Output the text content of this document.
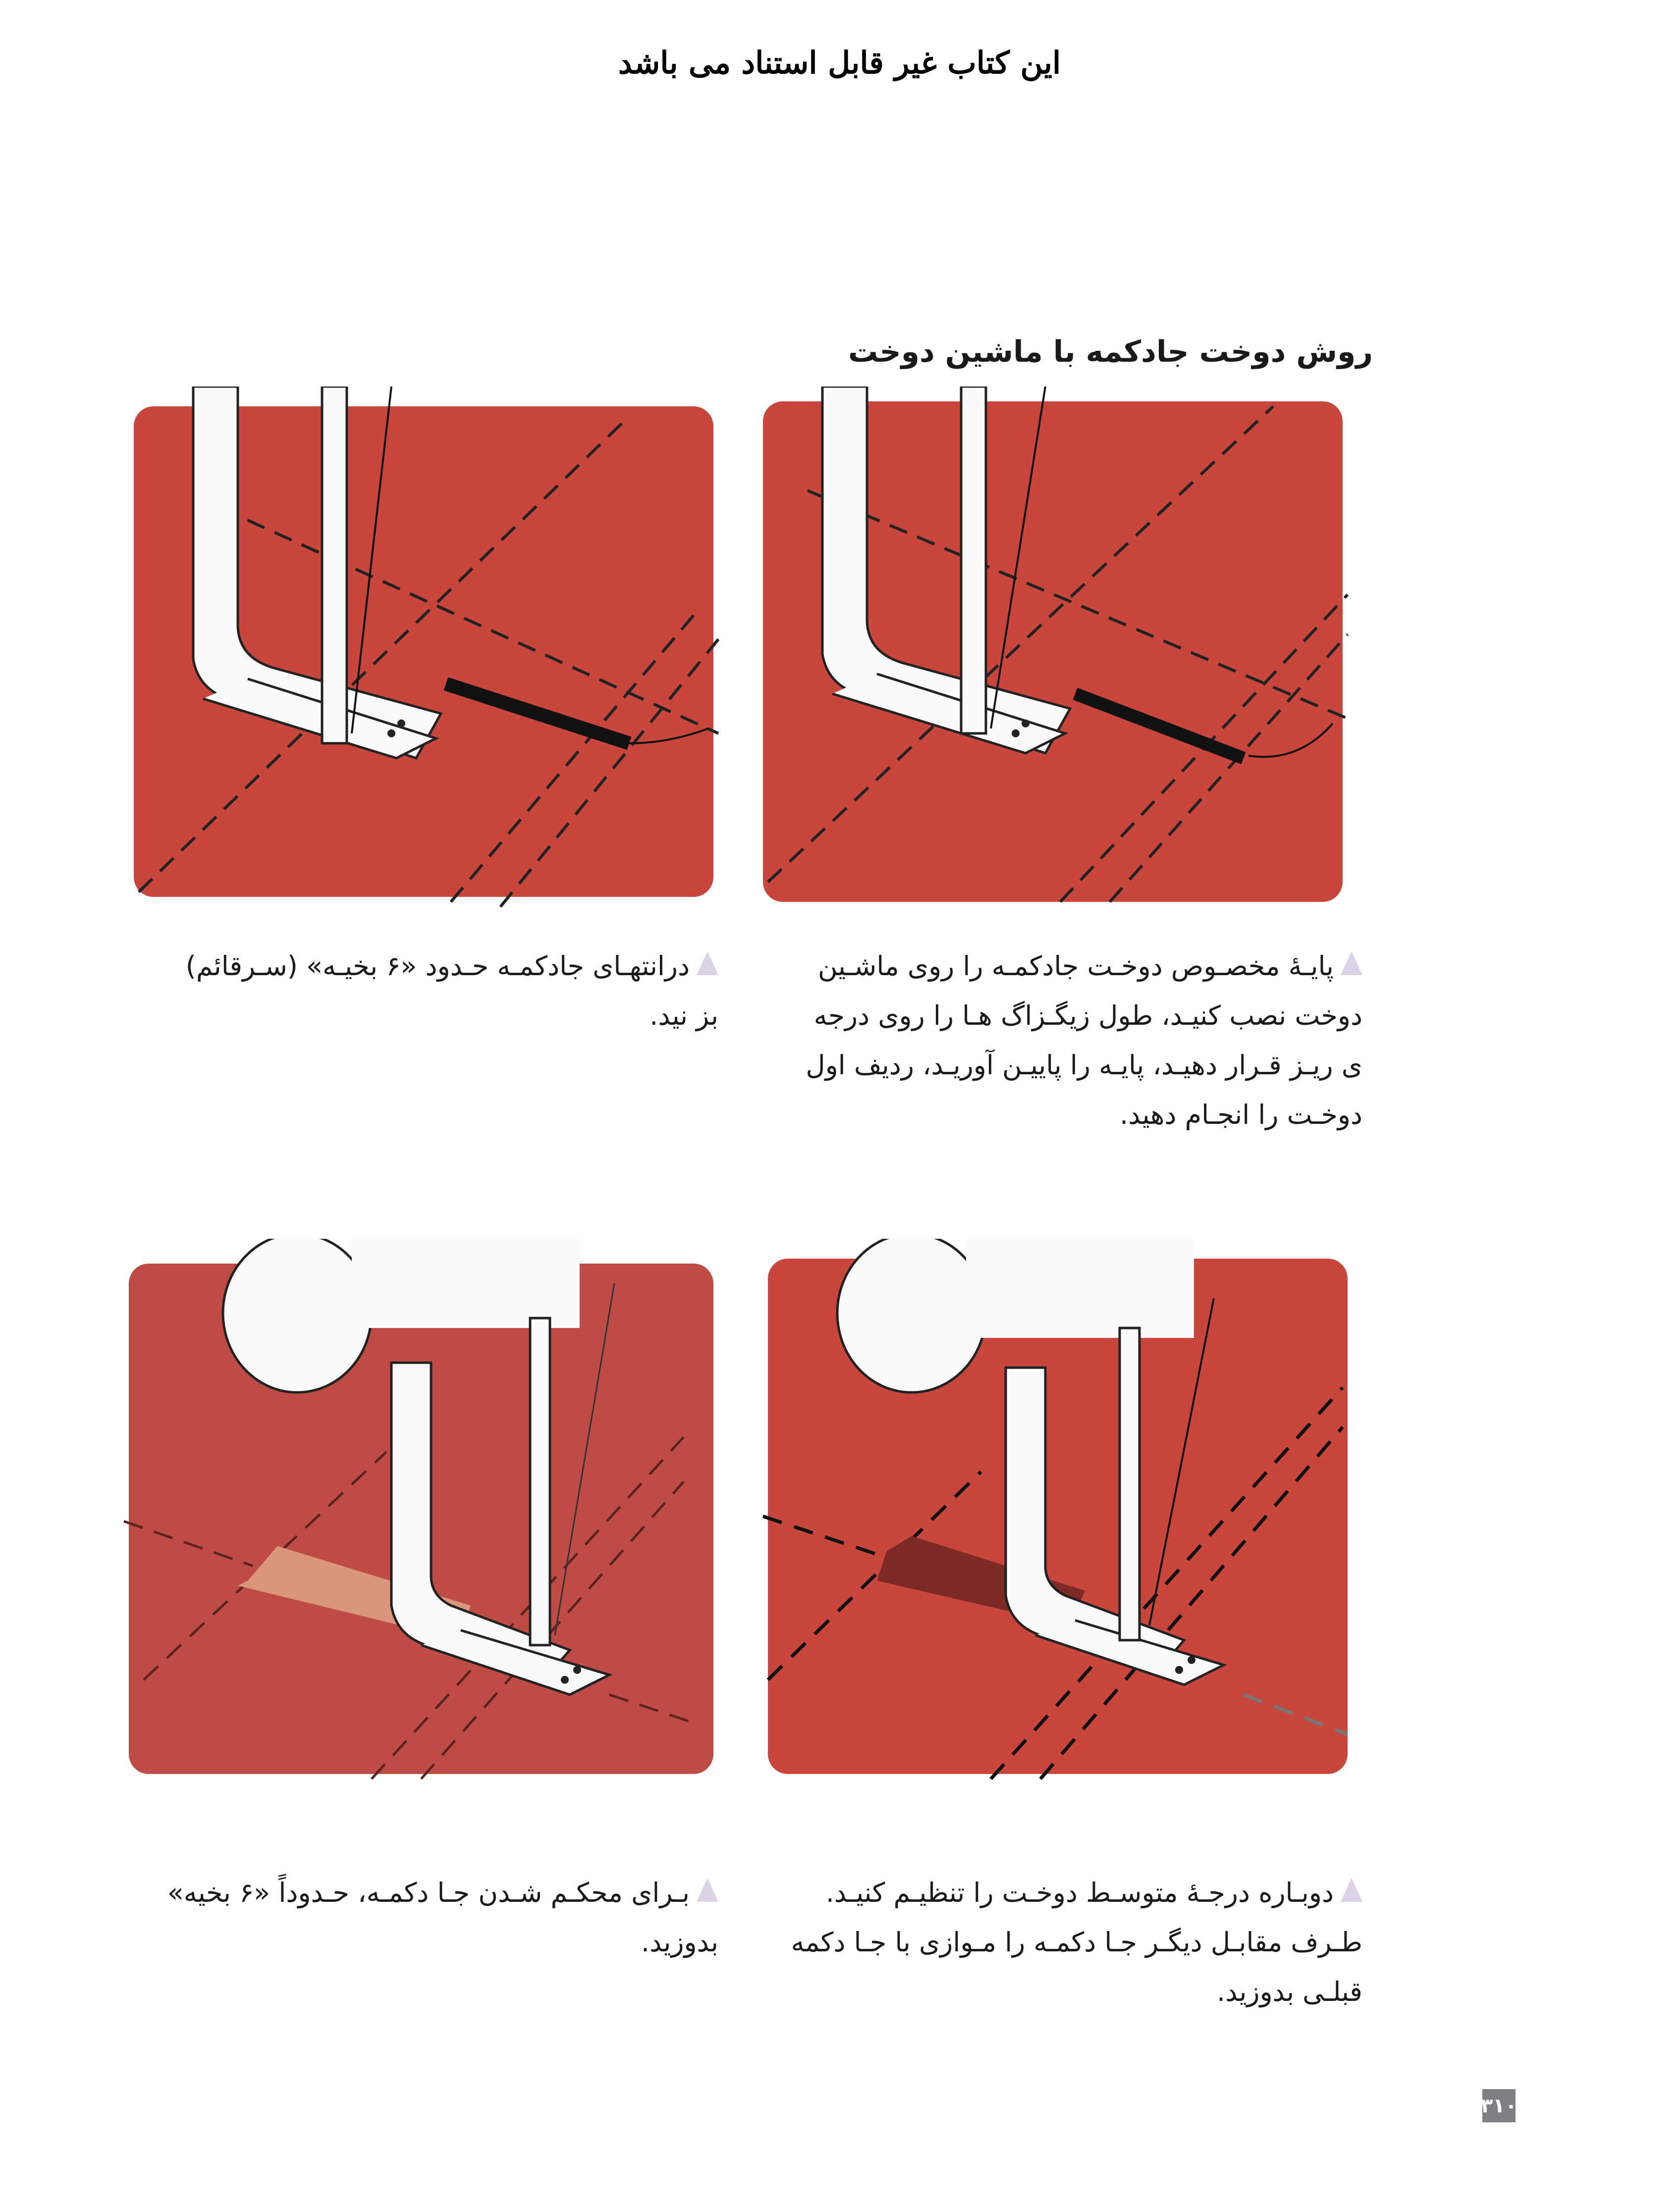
این کتاب غیر قابل استناد می باشد
روش دوخت جادکمه با ماشین دوخت
پایـهٔ مخصـوص دوخـت جادکمـه را روی ماشـین
دوخت نصب کنیـد، طول زیگـزاگ هـا را روی درجه
ی ریـز قـرار دهیـد، پایـه را پاییـن آوریـد، ردیف اول
دوخـت را انجـام دهید.
درانتهـای جادکمـه حـدود «۶ بخیـه» (سـرقائم)
بز نید.
دوبـاره درجـهٔ متوسـط دوخـت را تنظیـم کنیـد.
طـرف مقابـل دیگـر جـا دکمـه را مـوازی با جـا دکمه
قبلـی بدوزید.
بـرای محکـم شـدن جـا دکمـه، حـدوداً «۶ بخیه»
بدوزید.
۳۱۰
